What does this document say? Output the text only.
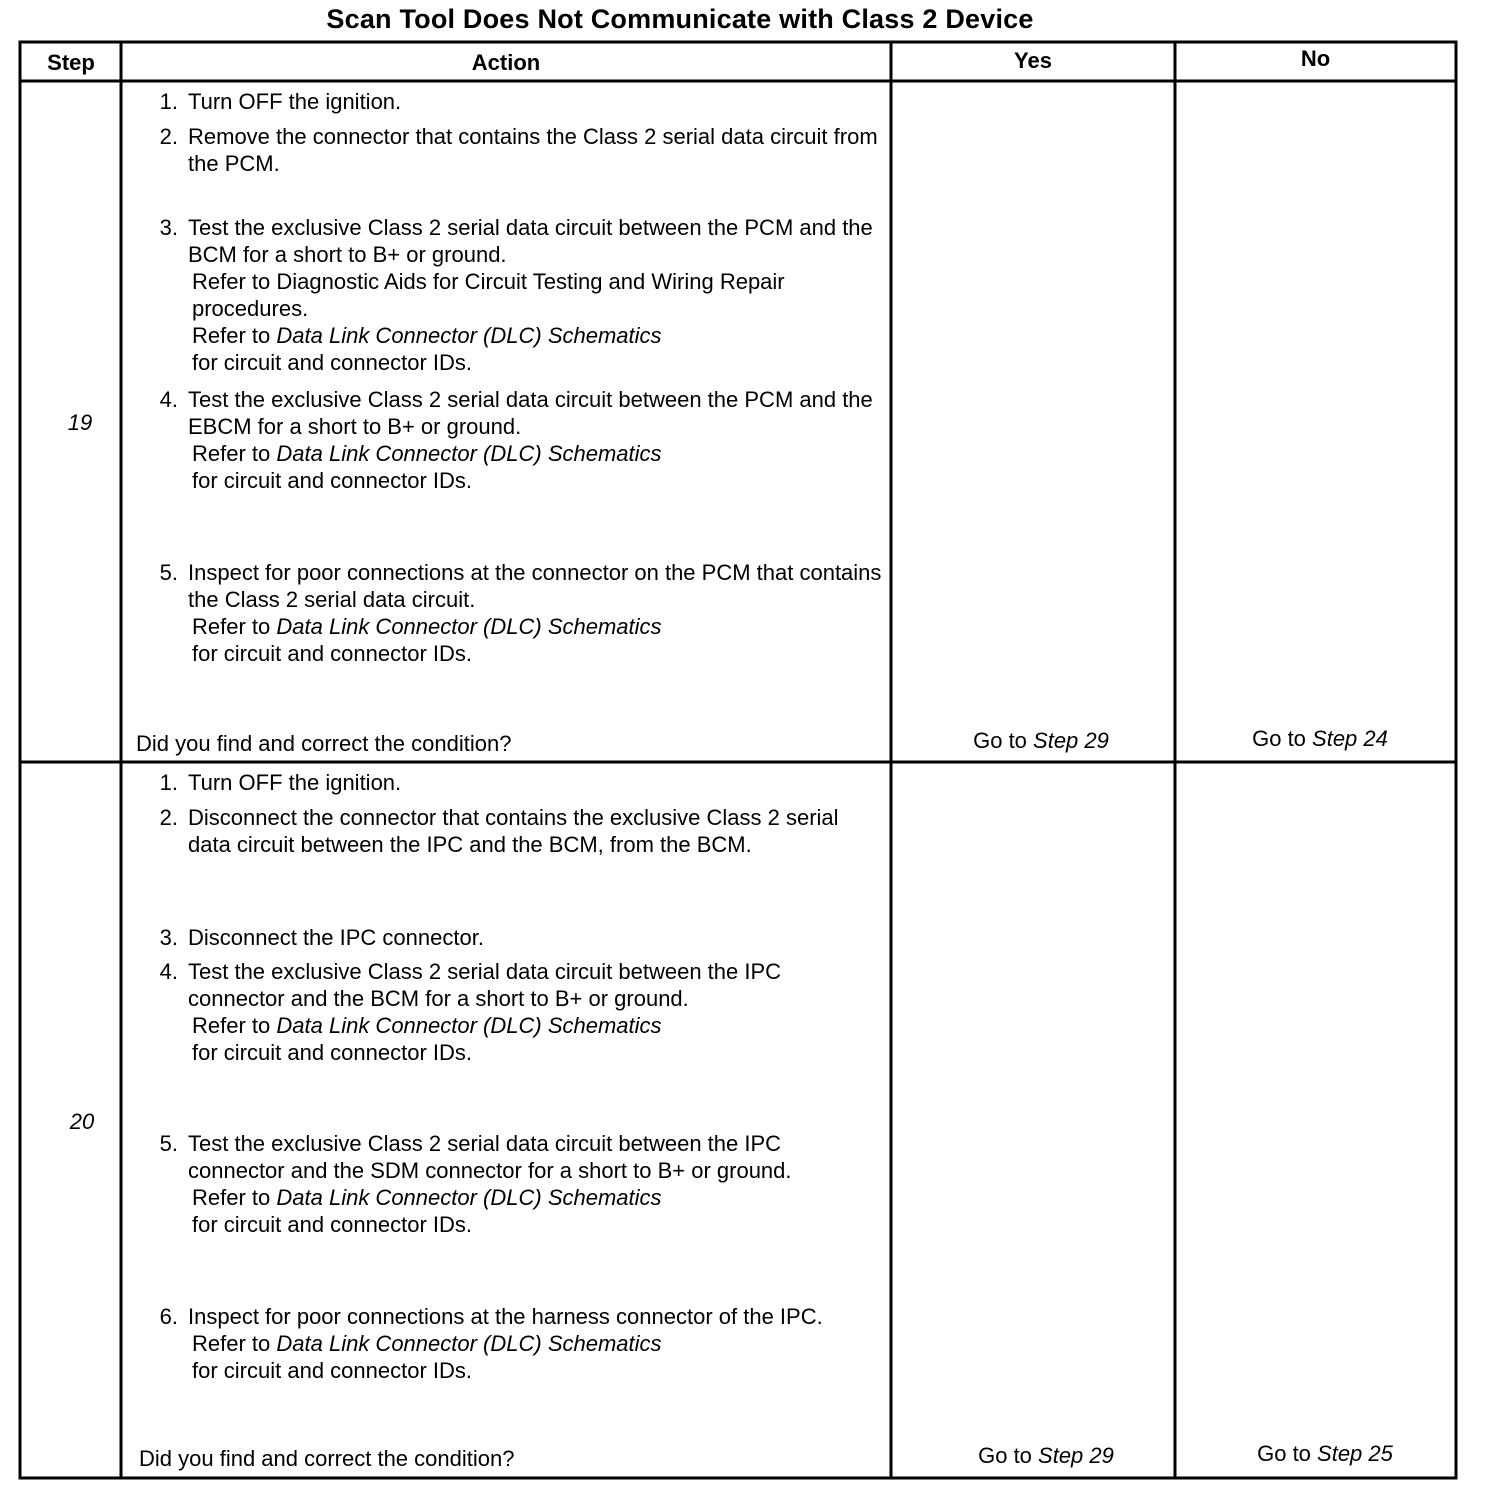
Scan Tool Does Not Communicate with Class 2 Device
Step	Action	Yes	No
19
1. Turn OFF the ignition.
2. Remove the connector that contains the Class 2 serial data circuit from the PCM.
3. Test the exclusive Class 2 serial data circuit between the PCM and the BCM for a short to B+ or ground.
Refer to Diagnostic Aids for Circuit Testing and Wiring Repair procedures.
Refer to Data Link Connector (DLC) Schematics
for circuit and connector IDs.
4. Test the exclusive Class 2 serial data circuit between the PCM and the EBCM for a short to B+ or ground.
Refer to Data Link Connector (DLC) Schematics
for circuit and connector IDs.
5. Inspect for poor connections at the connector on the PCM that contains the Class 2 serial data circuit.
Refer to Data Link Connector (DLC) Schematics
for circuit and connector IDs.
Did you find and correct the condition?	Go to Step 29	Go to Step 24
20
1. Turn OFF the ignition.
2. Disconnect the connector that contains the exclusive Class 2 serial data circuit between the IPC and the BCM, from the BCM.
3. Disconnect the IPC connector.
4. Test the exclusive Class 2 serial data circuit between the IPC connector and the BCM for a short to B+ or ground.
Refer to Data Link Connector (DLC) Schematics
for circuit and connector IDs.
5. Test the exclusive Class 2 serial data circuit between the IPC connector and the SDM connector for a short to B+ or ground.
Refer to Data Link Connector (DLC) Schematics
for circuit and connector IDs.
6. Inspect for poor connections at the harness connector of the IPC.
Refer to Data Link Connector (DLC) Schematics
for circuit and connector IDs.
Did you find and correct the condition?	Go to Step 29	Go to Step 25
